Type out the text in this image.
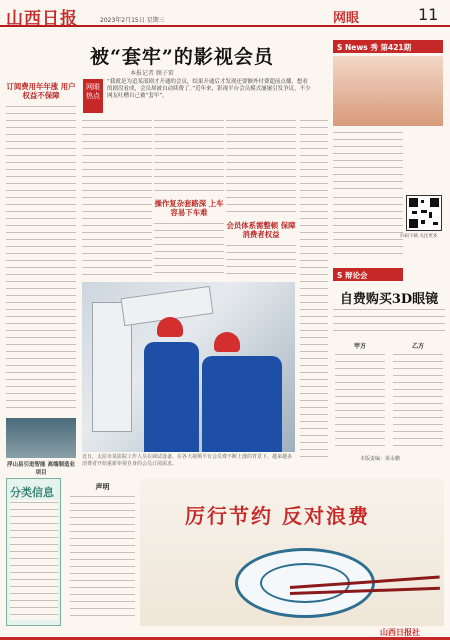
山西日报	2023年2月15日 星期三	网眼	11
被“套牢”的影视会员
本报记者 顾子雷
网眼热点
“我就是为追某部剧才开通的会员，结果开通后才发现还要额外付费超前点播，想看的剧没看成，会员却被自动续费了。”近年来，影视平台会员模式屡屡引发争议，不少网友吐槽自己被“套牢”。
订阅费用年年涨 用户权益不保障
操作复杂套路深 上车容易下车难
会员体系需整顿 保障消费者权益
近日，太原市某影院工作人员在调试设备。在各大视频平台会员费不断上涨的背景下，越来越多消费者开始重新审视自身的会员订阅需求。
浮山县引进智能 高端制造业项目
S News 秀 第421期
扫码下载 关注更多
S 辩论会
自费购买3D眼镜
甲方	乙方
本版责编：梁永鹏
分类信息	声明
厉行节约 反对浪费
山西日报社
